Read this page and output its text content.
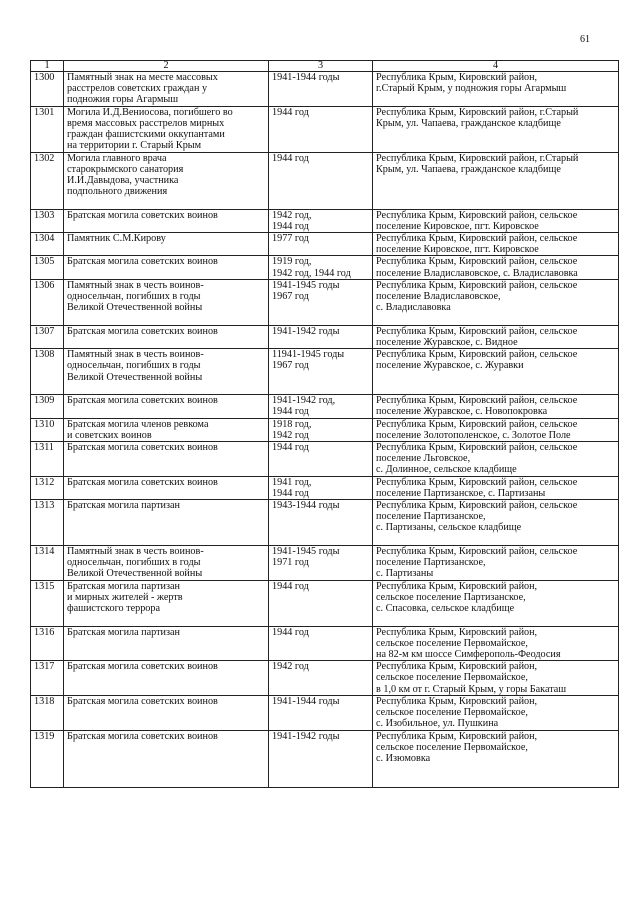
61
1	2	3	4
1300	Памятный знак на месте массовых
расстрелов советских граждан у
подножия горы Агармыш	1941-1944 годы	Республика Крым, Кировский район,
г.Старый Крым, у подножия горы Агармыш
1301	Могила И.Д.Вениосова, погибшего во
время массовых расстрелов мирных
граждан фашистскими оккупантами
на территории г. Старый Крым	1944 год	Республика Крым, Кировский район, г.Старый
Крым, ул. Чапаева, гражданское кладбище
1302	Могила главного врача
старокрымского санатория
И.И.Давыдова, участника
подпольного движения	1944 год	Республика Крым, Кировский район, г.Старый
Крым, ул. Чапаева, гражданское кладбище
1303	Братская могила советских воинов	1942 год,
1944 год	Республика Крым, Кировский район, сельское
поселение Кировское, пгт. Кировское
1304	Памятник С.М.Кирову	1977 год	Республика Крым, Кировский район, сельское
поселение Кировское, пгт. Кировское
1305	Братская могила советских воинов	1919 год,
1942 год, 1944 год	Республика Крым, Кировский район, сельское
поселение Владиславовское, с. Владиславовка
1306	Памятный знак в честь воинов-
односельчан, погибших в годы
Великой Отечественной войны	1941-1945 годы
1967 год	Республика Крым, Кировский район, сельское
поселение Владиславовское,
с. Владиславовка
1307	Братская могила советских воинов	1941-1942 годы	Республика Крым, Кировский район, сельское
поселение Журавское, с. Видное
1308	Памятный знак в честь воинов-
односельчан, погибших в годы
Великой Отечественной войны	11941-1945 годы
1967 год	Республика Крым, Кировский район, сельское
поселение Журавское, с. Журавки
1309	Братская могила советских воинов	1941-1942 год,
1944 год	Республика Крым, Кировский район, сельское
поселение Журавское, с. Новопокровка
1310	Братская могила членов ревкома
и советских воинов	1918 год,
1942 год	Республика Крым, Кировский район, сельское
поселение Золотополенское, с. Золотое Поле
1311	Братская могила советских воинов	1944 год	Республика Крым, Кировский район, сельское
поселение Льговское,
с. Долинное, сельское кладбище
1312	Братская могила советских воинов	1941 год,
1944 год	Республика Крым, Кировский район, сельское
поселение Партизанское, с. Партизаны
1313	Братская могила партизан	1943-1944 годы	Республика Крым, Кировский район, сельское
поселение Партизанское,
с. Партизаны, сельское кладбище
1314	Памятный знак в честь воинов-
односельчан, погибших в годы
Великой Отечественной войны	1941-1945 годы
1971 год	Республика Крым, Кировский район, сельское
поселение Партизанское,
с. Партизаны
1315	Братская могила партизан
и мирных жителей - жертв
фашистского террора	1944 год	Республика Крым, Кировский район,
сельское поселение Партизанское,
с. Спасовка, сельское кладбище
1316	Братская могила партизан	1944 год	Республика Крым, Кировский район,
сельское поселение Первомайское,
на 82-м км шоссе Симферополь-Феодосия
1317	Братская могила советских воинов	1942 год	Республика Крым, Кировский район,
сельское поселение Первомайское,
в 1,0 км от г. Старый Крым, у горы Бакаташ
1318	Братская могила советских воинов	1941-1944 годы	Республика Крым, Кировский район,
сельское поселение Первомайское,
с. Изобильное, ул. Пушкина
1319	Братская могила советских воинов	1941-1942 годы	Республика Крым, Кировский район,
сельское поселение Первомайское,
с. Изюмовка
